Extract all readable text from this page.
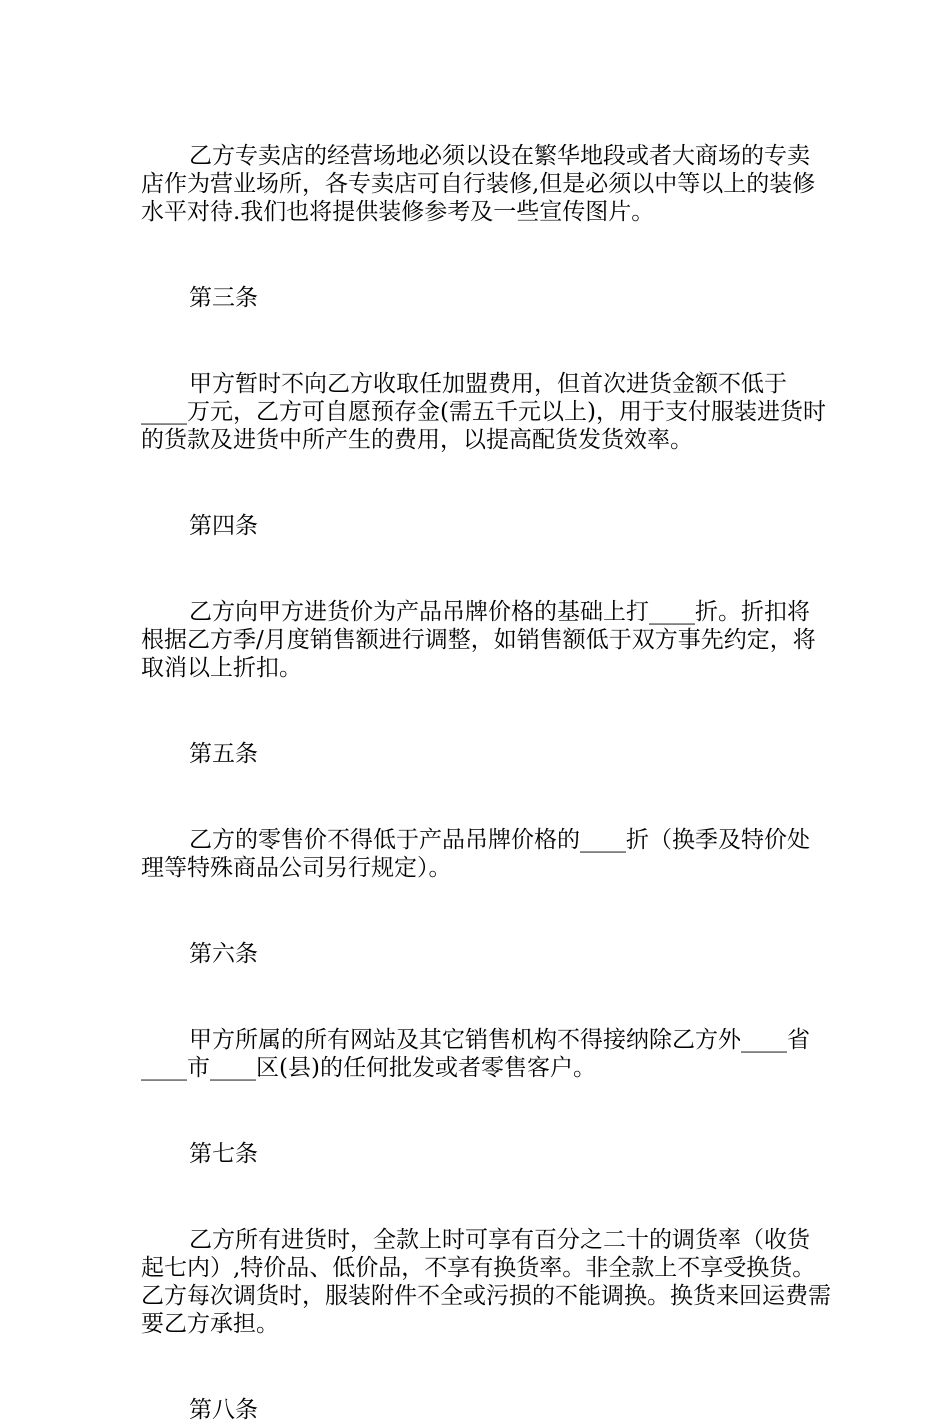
乙方专卖店的经营场地必须以设在繁华地段或者大商场的专卖店作为营业场所，各专卖店可自行装修,但是必须以中等以上的装修水平对待.我们也将提供装修参考及一些宣传图片。

第三条

甲方暂时不向乙方收取任加盟费用，但首次进货金额不低于____万元，乙方可自愿预存金(需五千元以上)，用于支付服装进货时的货款及进货中所产生的费用，以提高配货发货效率。

第四条

乙方向甲方进货价为产品吊牌价格的基础上打____折。折扣将根据乙方季/月度销售额进行调整，如销售额低于双方事先约定，将取消以上折扣。

第五条

乙方的零售价不得低于产品吊牌价格的____折（换季及特价处理等特殊商品公司另行规定）。

第六条

甲方所属的所有网站及其它销售机构不得接纳除乙方外____省____市____区(县)的任何批发或者零售客户。

第七条

乙方所有进货时，全款上时可享有百分之二十的调货率（收货起七内）,特价品、低价品，不享有换货率。非全款上不享受换货。乙方每次调货时，服装附件不全或污损的不能调换。换货来回运费需要乙方承担。

第八条
